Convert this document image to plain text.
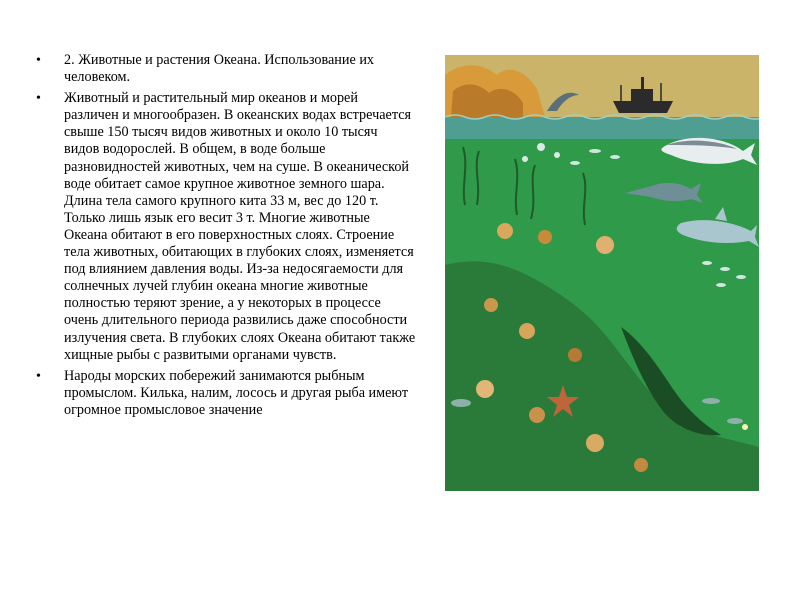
• 2. Животные и растения Океана. Использование их человеком.
• Животный и растительный мир океанов и морей различен и многообразен. В океанских водах встречается свыше 150 тысяч видов животных и около 10 тысяч видов водорослей. В общем, в воде больше разновидностей животных, чем на суше. В океанической воде обитает самое крупное животное земного шара. Длина тела самого крупного кита 33 м, вес до 120 т. Только лишь язык его весит 3 т. Многие животные Океана обитают в его поверхностных слоях. Строение тела животных, обитающих в глубоких слоях, изменяется под влиянием давления воды. Из-за недосягаемости для солнечных лучей глубин океана многие животные полностью теряют зрение, а у некоторых в процессе очень длительного периода развились даже способности излучения света. В глубоких слоях Океана обитают также хищные рыбы с развитыми органами чувств.
• Народы морских побережий занимаются рыбным промыслом. Килька, налим, лосось и другая рыба имеют огромное промысловое значение
